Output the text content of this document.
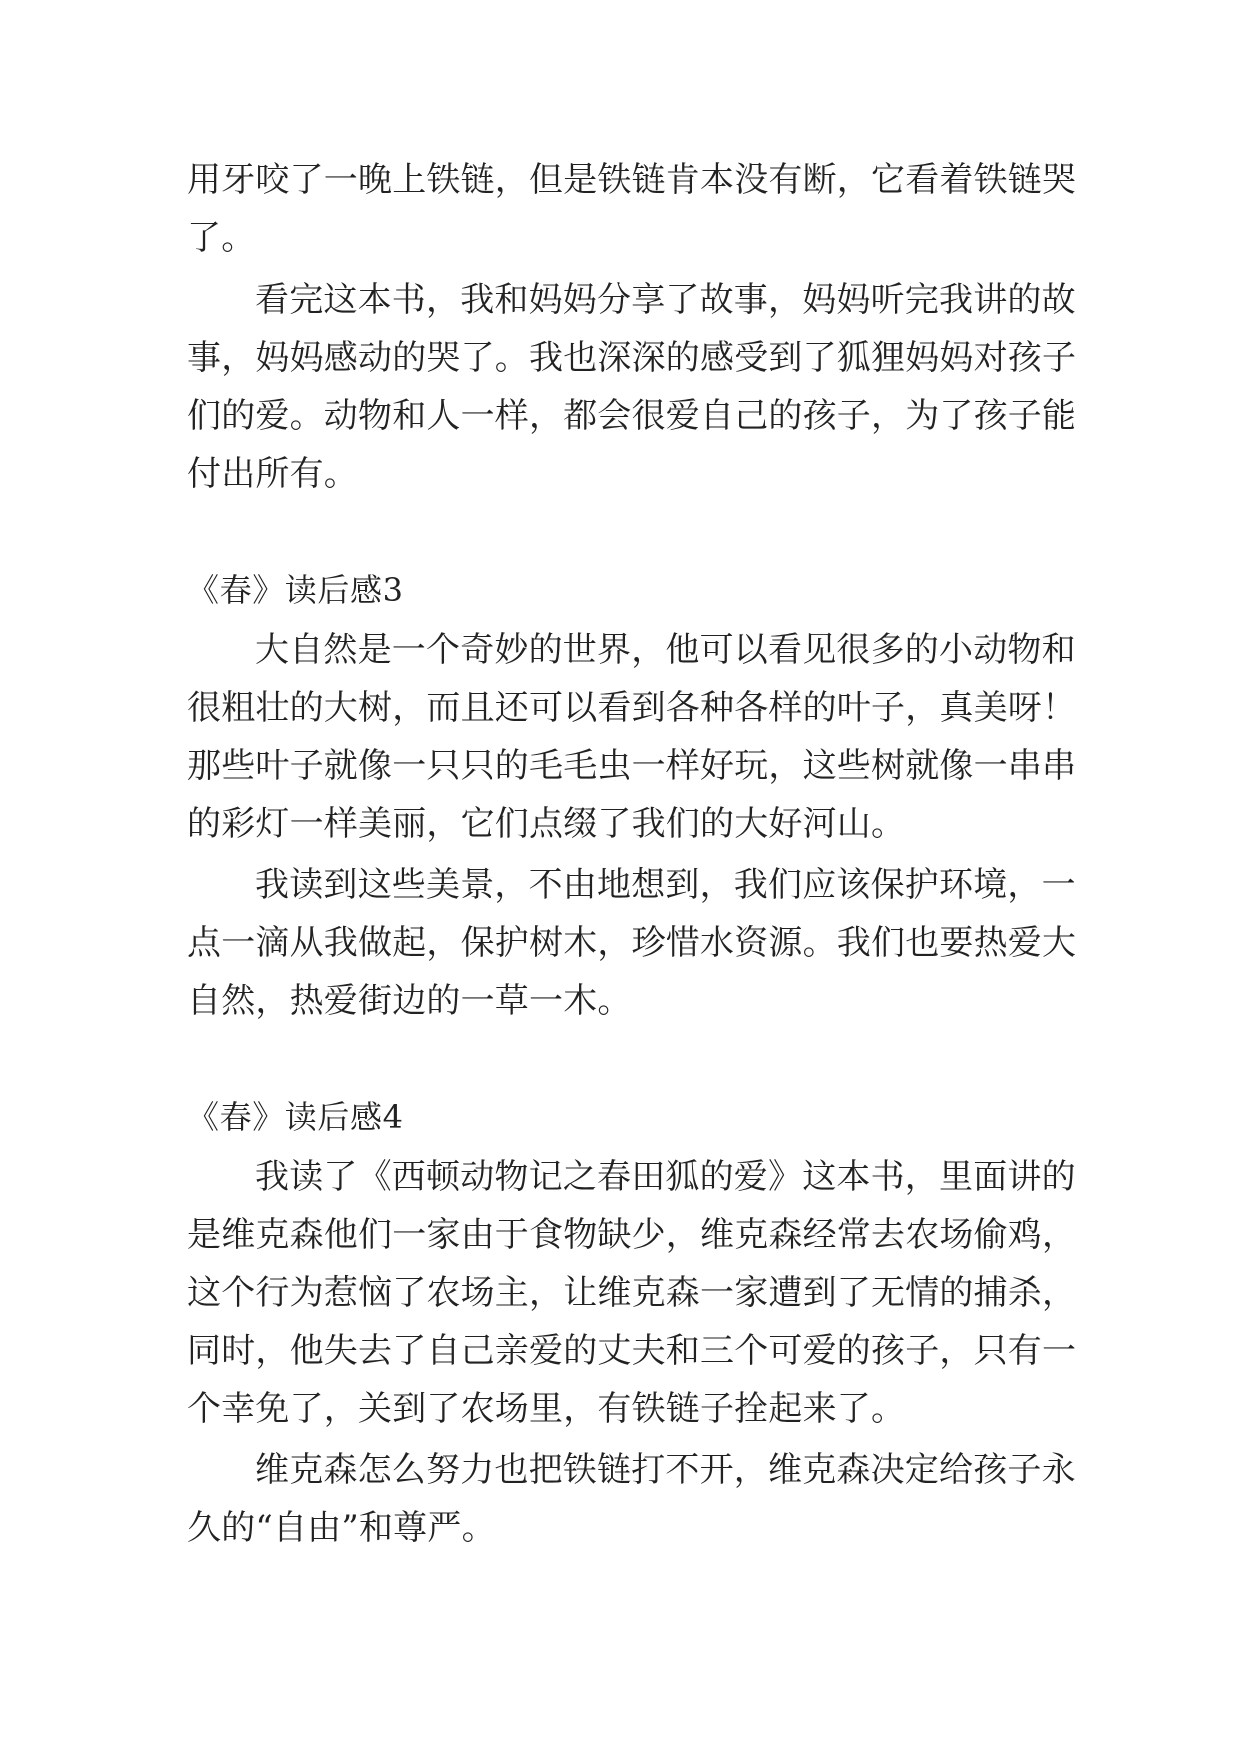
用牙咬了一晚上铁链，但是铁链肯本没有断，它看着铁链哭
了。
看完这本书，我和妈妈分享了故事，妈妈听完我讲的故
事，妈妈感动的哭了。我也深深的感受到了狐狸妈妈对孩子
们的爱。动物和人一样，都会很爱自己的孩子，为了孩子能
付出所有。
《春》读后感3
大自然是一个奇妙的世界，他可以看见很多的小动物和
很粗壮的大树，而且还可以看到各种各样的叶子，真美呀！
那些叶子就像一只只的毛毛虫一样好玩，这些树就像一串串
的彩灯一样美丽，它们点缀了我们的大好河山。
我读到这些美景，不由地想到，我们应该保护环境，一
点一滴从我做起，保护树木，珍惜水资源。我们也要热爱大
自然，热爱街边的一草一木。
《春》读后感4
我读了《西顿动物记之春田狐的爱》这本书，里面讲的
是维克森他们一家由于食物缺少，维克森经常去农场偷鸡，
这个行为惹恼了农场主，让维克森一家遭到了无情的捕杀，
同时，他失去了自己亲爱的丈夫和三个可爱的孩子，只有一
个幸免了，关到了农场里，有铁链子拴起来了。
维克森怎么努力也把铁链打不开，维克森决定给孩子永
久的“自由”和尊严。
